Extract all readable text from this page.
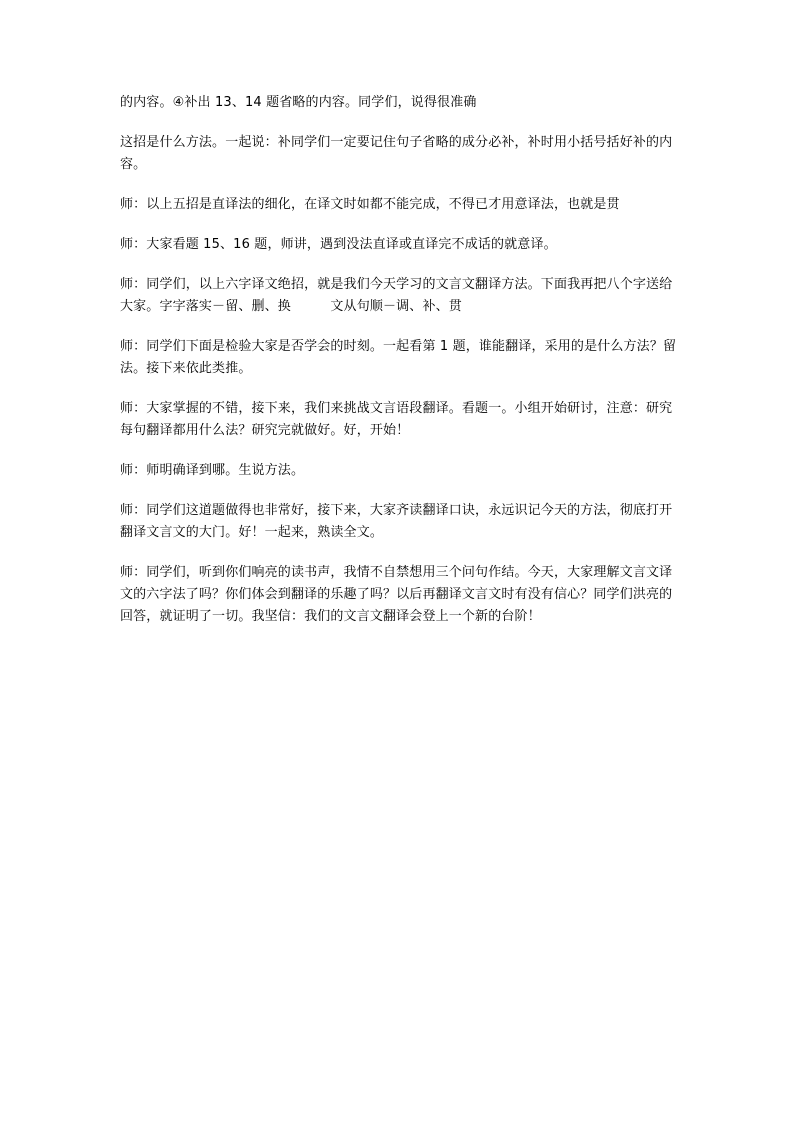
的内容。④补出 13、14 题省略的内容。同学们，说得很准确

这招是什么方法。一起说：补同学们一定要记住句子省略的成分必补，补时用小括号括好补的内容。

师：以上五招是直译法的细化，在译文时如都不能完成，不得已才用意译法，也就是贯

师：大家看题 15、16 题，师讲，遇到没法直译或直译完不成话的就意译。

师：同学们，以上六字译文绝招，就是我们今天学习的文言文翻译方法。下面我再把八个字送给大家。字字落实－留、删、换　　　文从句顺－调、补、贯

师：同学们下面是检验大家是否学会的时刻。一起看第 1 题，谁能翻译，采用的是什么方法？留法。接下来依此类推。

师：大家掌握的不错，接下来，我们来挑战文言语段翻译。看题一。小组开始研讨，注意：研究每句翻译都用什么法？研究完就做好。好，开始！

师：师明确译到哪。生说方法。

师：同学们这道题做得也非常好，接下来，大家齐读翻译口诀，永远识记今天的方法，彻底打开翻译文言文的大门。好！一起来，熟读全文。

师：同学们，听到你们响亮的读书声，我情不自禁想用三个问句作结。今天，大家理解文言文译文的六字法了吗？你们体会到翻译的乐趣了吗？以后再翻译文言文时有没有信心？同学们洪亮的回答，就证明了一切。我坚信：我们的文言文翻译会登上一个新的台阶！
